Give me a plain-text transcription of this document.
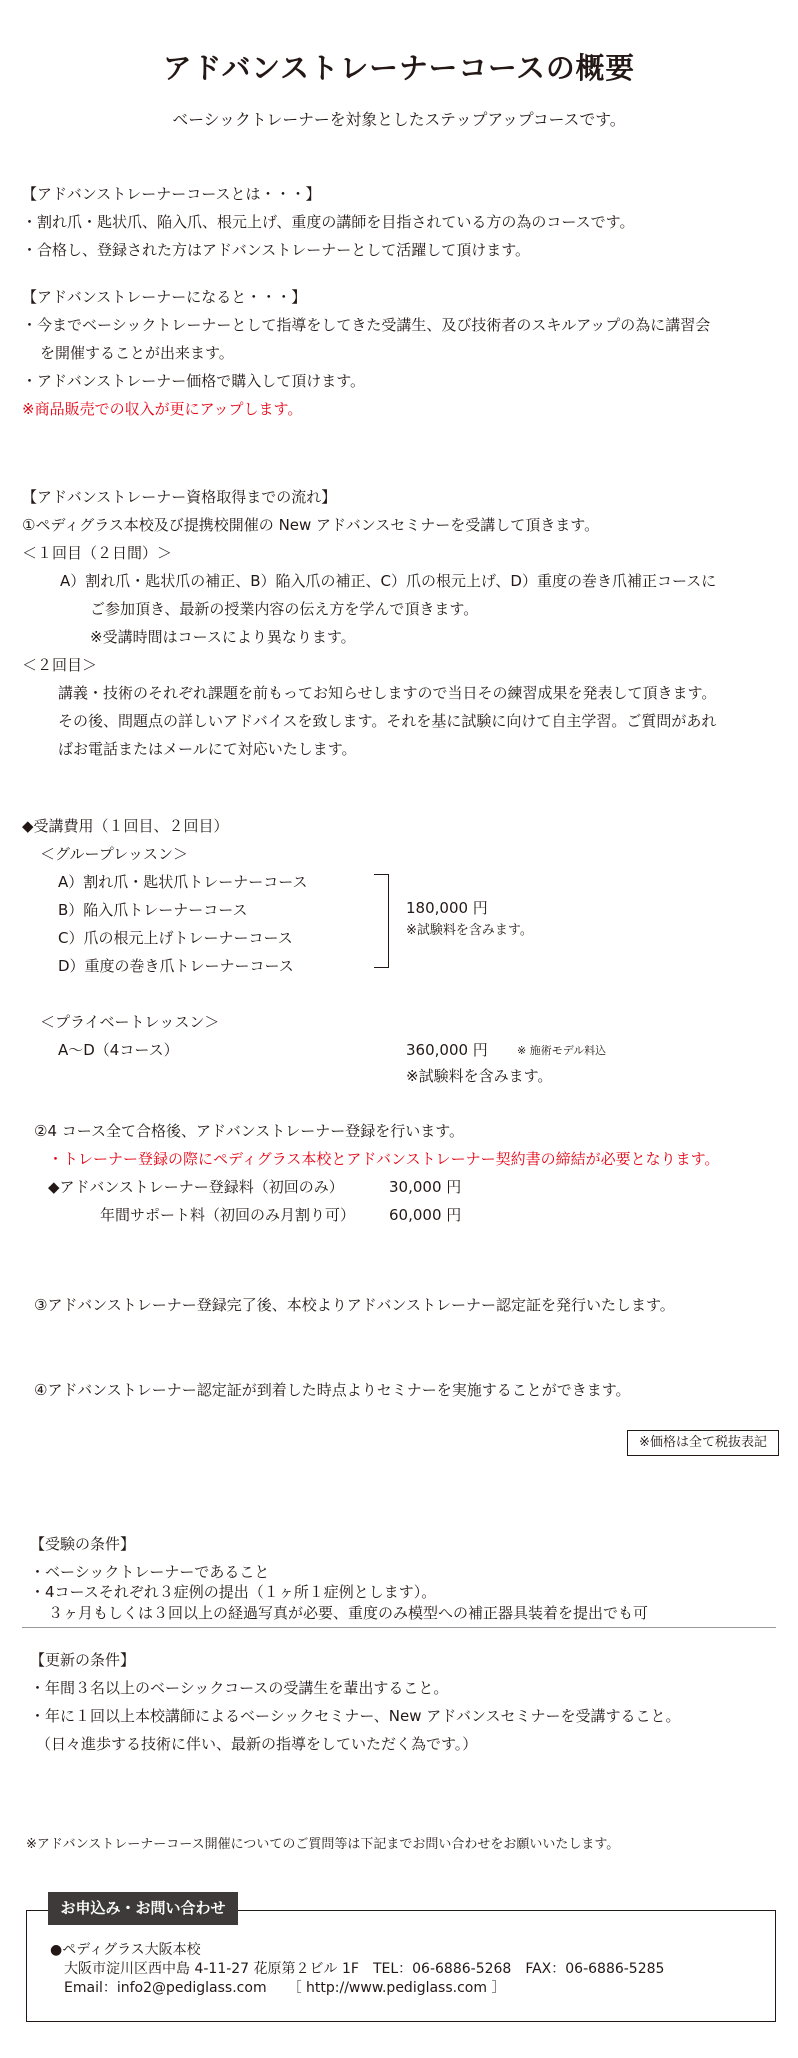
アドバンストレーナーコースの概要
ベーシックトレーナーを対象としたステップアップコースです。
【アドバンストレーナーコースとは・・・】
・割れ爪・匙状爪、陥入爪、根元上げ、重度の講師を目指されている方の為のコースです。
・合格し、登録された方はアドバンストレーナーとして活躍して頂けます。
【アドバンストレーナーになると・・・】
・今までベーシックトレーナーとして指導をしてきた受講生、及び技術者のスキルアップの為に講習会
を開催することが出来ます。
・アドバンストレーナー価格で購入して頂けます。
※商品販売での収入が更にアップします。
【アドバンストレーナー資格取得までの流れ】
①ペディグラス本校及び提携校開催の New アドバンスセミナーを受講して頂きます。
＜１回目（２日間）＞
A）割れ爪・匙状爪の補正、B）陥入爪の補正、C）爪の根元上げ、D）重度の巻き爪補正コースに
ご参加頂き、最新の授業内容の伝え方を学んで頂きます。
※受講時間はコースにより異なります。
＜２回目＞
講義・技術のそれぞれ課題を前もってお知らせしますので当日その練習成果を発表して頂きます。
その後、問題点の詳しいアドバイスを致します。それを基に試験に向けて自主学習。ご質問があれ
ばお電話またはメールにて対応いたします。
◆受講費用（１回目、２回目）
＜グループレッスン＞
A）割れ爪・匙状爪トレーナーコース
B）陥入爪トレーナーコース
C）爪の根元上げトレーナーコース
D）重度の巻き爪トレーナーコース
180,000 円
※試験料を含みます。
＜プライベートレッスン＞
A～D（4コース）	360,000 円	※ 施術モデル料込
※試験料を含みます。
②4 コース全て合格後、アドバンストレーナー登録を行います。
・トレーナー登録の際にペディグラス本校とアドバンストレーナー契約書の締結が必要となります。
◆アドバンストレーナー登録料（初回のみ）	30,000 円
年間サポート料（初回のみ月割り可） 60,000 円
③アドバンストレーナー登録完了後、本校よりアドバンストレーナー認定証を発行いたします。
④アドバンストレーナー認定証が到着した時点よりセミナーを実施することができます。
※価格は全て税抜表記
【受験の条件】
・ベーシックトレーナーであること
・4コースそれぞれ３症例の提出（１ヶ所１症例とします）。
３ヶ月もしくは３回以上の経過写真が必要、重度のみ模型への補正器具装着を提出でも可
【更新の条件】
・年間３名以上のベーシックコースの受講生を輩出すること。
・年に１回以上本校講師によるベーシックセミナー、New アドバンスセミナーを受講すること。
（日々進歩する技術に伴い、最新の指導をしていただく為です。）
※アドバンストレーナーコース開催についてのご質問等は下記までお問い合わせをお願いいたします。
お申込み・お問い合わせ
●ペディグラス大阪本校
大阪市淀川区西中島 4-11-27 花原第２ビル 1F　TEL：06-6886-5268　FAX：06-6886-5285
Email：info2@pediglass.com　　［ http://www.pediglass.com ］
